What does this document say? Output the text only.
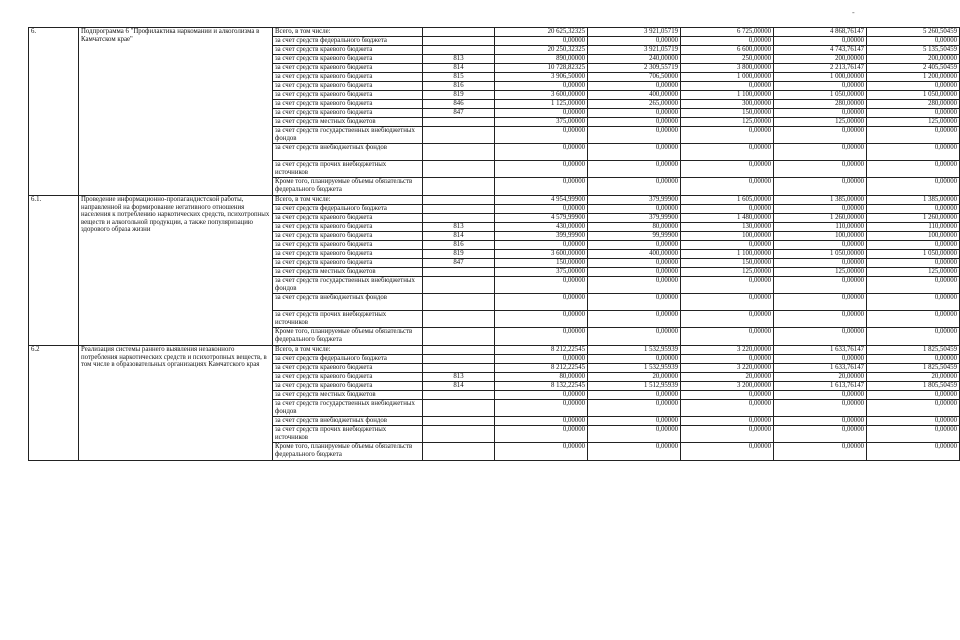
-
6.	Подпрограмма 6 "Профилактика наркомании и алкоголизма в Камчатском крае"	Всего, в том числе:		20 625,32325	3 921,05719	6 725,00000	4 868,76147	5 260,50459
		за счет средств федерального бюджета		0,00000	0,00000	0,00000	0,00000	0,00000
		за счет средств краевого бюджета		20 250,32325	3 921,05719	6 600,00000	4 743,76147	5 135,50459
		за счет средств краевого бюджета	813	890,00000	240,00000	250,00000	200,00000	200,00000
		за счет средств краевого бюджета	814	10 728,82325	2 309,55719	3 800,00000	2 213,76147	2 405,50459
		за счет средств краевого бюджета	815	3 906,50000	706,50000	1 000,00000	1 000,00000	1 200,00000
		за счет средств краевого бюджета	816	0,00000	0,00000	0,00000	0,00000	0,00000
		за счет средств краевого бюджета	819	3 600,00000	400,00000	1 100,00000	1 050,00000	1 050,00000
		за счет средств краевого бюджета	846	1 125,00000	265,00000	300,00000	280,00000	280,00000
		за счет средств краевого бюджета	847	0,00000	0,00000	150,00000	0,00000	0,00000
		за счет средств местных бюджетов		375,00000	0,00000	125,00000	125,00000	125,00000
		за счет средств государственных внебюджетных фондов		0,00000	0,00000	0,00000	0,00000	0,00000
		за счет средств внебюджетных фондов		0,00000	0,00000	0,00000	0,00000	0,00000
		за счет средств прочих внебюджетных источников		0,00000	0,00000	0,00000	0,00000	0,00000
		Кроме того, планируемые объемы обязательств федерального бюджета		0,00000	0,00000	0,00000	0,00000	0,00000
6.1.	Проведение информационно-пропагандистской работы, направленной на формирование негативного отношения населения к потреблению наркотических средств, психотропных веществ и алкогольной продукции, а также популяризацию здорового образа жизни	Всего, в том числе:		4 954,99900	379,99900	1 605,00000	1 385,00000	1 385,00000
		за счет средств федерального бюджета		0,00000	0,00000	0,00000	0,00000	0,00000
		за счет средств краевого бюджета		4 579,99900	379,99900	1 480,00000	1 260,00000	1 260,00000
		за счет средств краевого бюджета	813	430,00000	80,00000	130,00000	110,00000	110,00000
		за счет средств краевого бюджета	814	399,99900	99,99900	100,00000	100,00000	100,00000
		за счет средств краевого бюджета	816	0,00000	0,00000	0,00000	0,00000	0,00000
		за счет средств краевого бюджета	819	3 600,00000	400,00000	1 100,00000	1 050,00000	1 050,00000
		за счет средств краевого бюджета	847	150,00000	0,00000	150,00000	0,00000	0,00000
		за счет средств местных бюджетов		375,00000	0,00000	125,00000	125,00000	125,00000
		за счет средств государственных внебюджетных фондов		0,00000	0,00000	0,00000	0,00000	0,00000
		за счет средств внебюджетных фондов		0,00000	0,00000	0,00000	0,00000	0,00000
		за счет средств прочих внебюджетных источников		0,00000	0,00000	0,00000	0,00000	0,00000
		Кроме того, планируемые объемы обязательств федерального бюджета		0,00000	0,00000	0,00000	0,00000	0,00000
6.2	Реализация системы раннего выявления незаконного потребления наркотических средств и психотропных веществ, в том числе в образовательных организациях Камчатского края	Всего, в том числе:		8 212,22545	1 532,95939	3 220,00000	1 633,76147	1 825,50459
		за счет средств федерального бюджета		0,00000	0,00000	0,00000	0,00000	0,00000
		за счет средств краевого бюджета		8 212,22545	1 532,95939	3 220,00000	1 633,76147	1 825,50459
		за счет средств краевого бюджета	813	80,00000	20,00000	20,00000	20,00000	20,00000
		за счет средств краевого бюджета	814	8 132,22545	1 512,95939	3 200,00000	1 613,76147	1 805,50459
		за счет средств местных бюджетов		0,00000	0,00000	0,00000	0,00000	0,00000
		за счет средств государственных внебюджетных фондов		0,00000	0,00000	0,00000	0,00000	0,00000
		за счет средств внебюджетных фондов		0,00000	0,00000	0,00000	0,00000	0,00000
		за счет средств прочих внебюджетных источников		0,00000	0,00000	0,00000	0,00000	0,00000
		Кроме того, планируемые объемы обязательств федерального бюджета		0,00000	0,00000	0,00000	0,00000	0,00000
